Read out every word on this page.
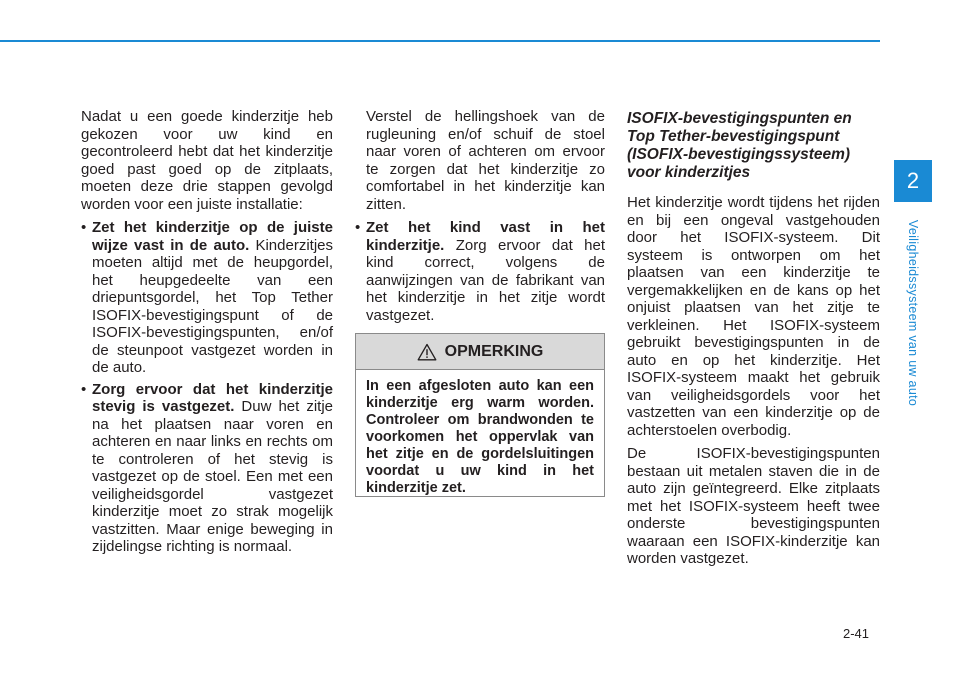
Nadat u een goede kinderzitje heb gekozen voor uw kind en gecontroleerd hebt dat het kinderzitje goed past goed op de zitplaats, moeten deze drie stappen gevolgd worden voor een juiste installatie:

• Zet het kinderzitje op de juiste wijze vast in de auto. Kinderzitjes moeten altijd met de heupgordel, het heupgedeelte van een driepuntsgordel, het Top Tether ISOFIX-bevestigingspunt of de ISOFIX-bevestigingspunten, en/of de steunpoot vastgezet worden in de auto.
• Zorg ervoor dat het kinderzitje stevig is vastgezet. Duw het zitje na het plaatsen naar voren en achteren en naar links en rechts om te controleren of het stevig is vastgezet op de stoel. Een met een veiligheidsgordel vastgezet kinderzitje moet zo strak mogelijk vastzitten. Maar enige beweging in zijdelingse richting is normaal.

Verstel de hellingshoek van de rugleuning en/of schuif de stoel naar voren of achteren om ervoor te zorgen dat het kinderzitje zo comfortabel in het kinderzitje kan zitten.

• Zet het kind vast in het kinderzitje. Zorg ervoor dat het kind correct, volgens de aanwijzingen van de fabrikant van het kinderzitje in het zitje wordt vastgezet.
OPMERKING
In een afgesloten auto kan een kinderzitje erg warm worden. Controleer om brandwonden te voorkomen het oppervlak van het zitje en de gordelsluitingen voordat u uw kind in het kinderzitje zet.
ISOFIX-bevestigingspunten en Top Tether-bevestigingspunt (ISOFIX-bevestigingssysteem) voor kinderzitjes

Het kinderzitje wordt tijdens het rijden en bij een ongeval vastgehouden door het ISOFIX-systeem. Dit systeem is ontworpen om het plaatsen van een kinderzitje te vergemakkelijken en de kans op het onjuist plaatsen van het zitje te verkleinen. Het ISOFIX-systeem gebruikt bevestigingspunten in de auto en op het kinderzitje. Het ISOFIX-systeem maakt het gebruik van veiligheidsgordels voor het vastzetten van een kinderzitje op de achterstoelen overbodig.

De ISOFIX-bevestigingspunten bestaan uit metalen staven die in de auto zijn geïntegreerd. Elke zitplaats met het ISOFIX-systeem heeft twee onderste bevestigingspunten waaraan een ISOFIX-kinderzitje kan worden vastgezet.

2
Veiligheidssysteem van uw auto
2-41
